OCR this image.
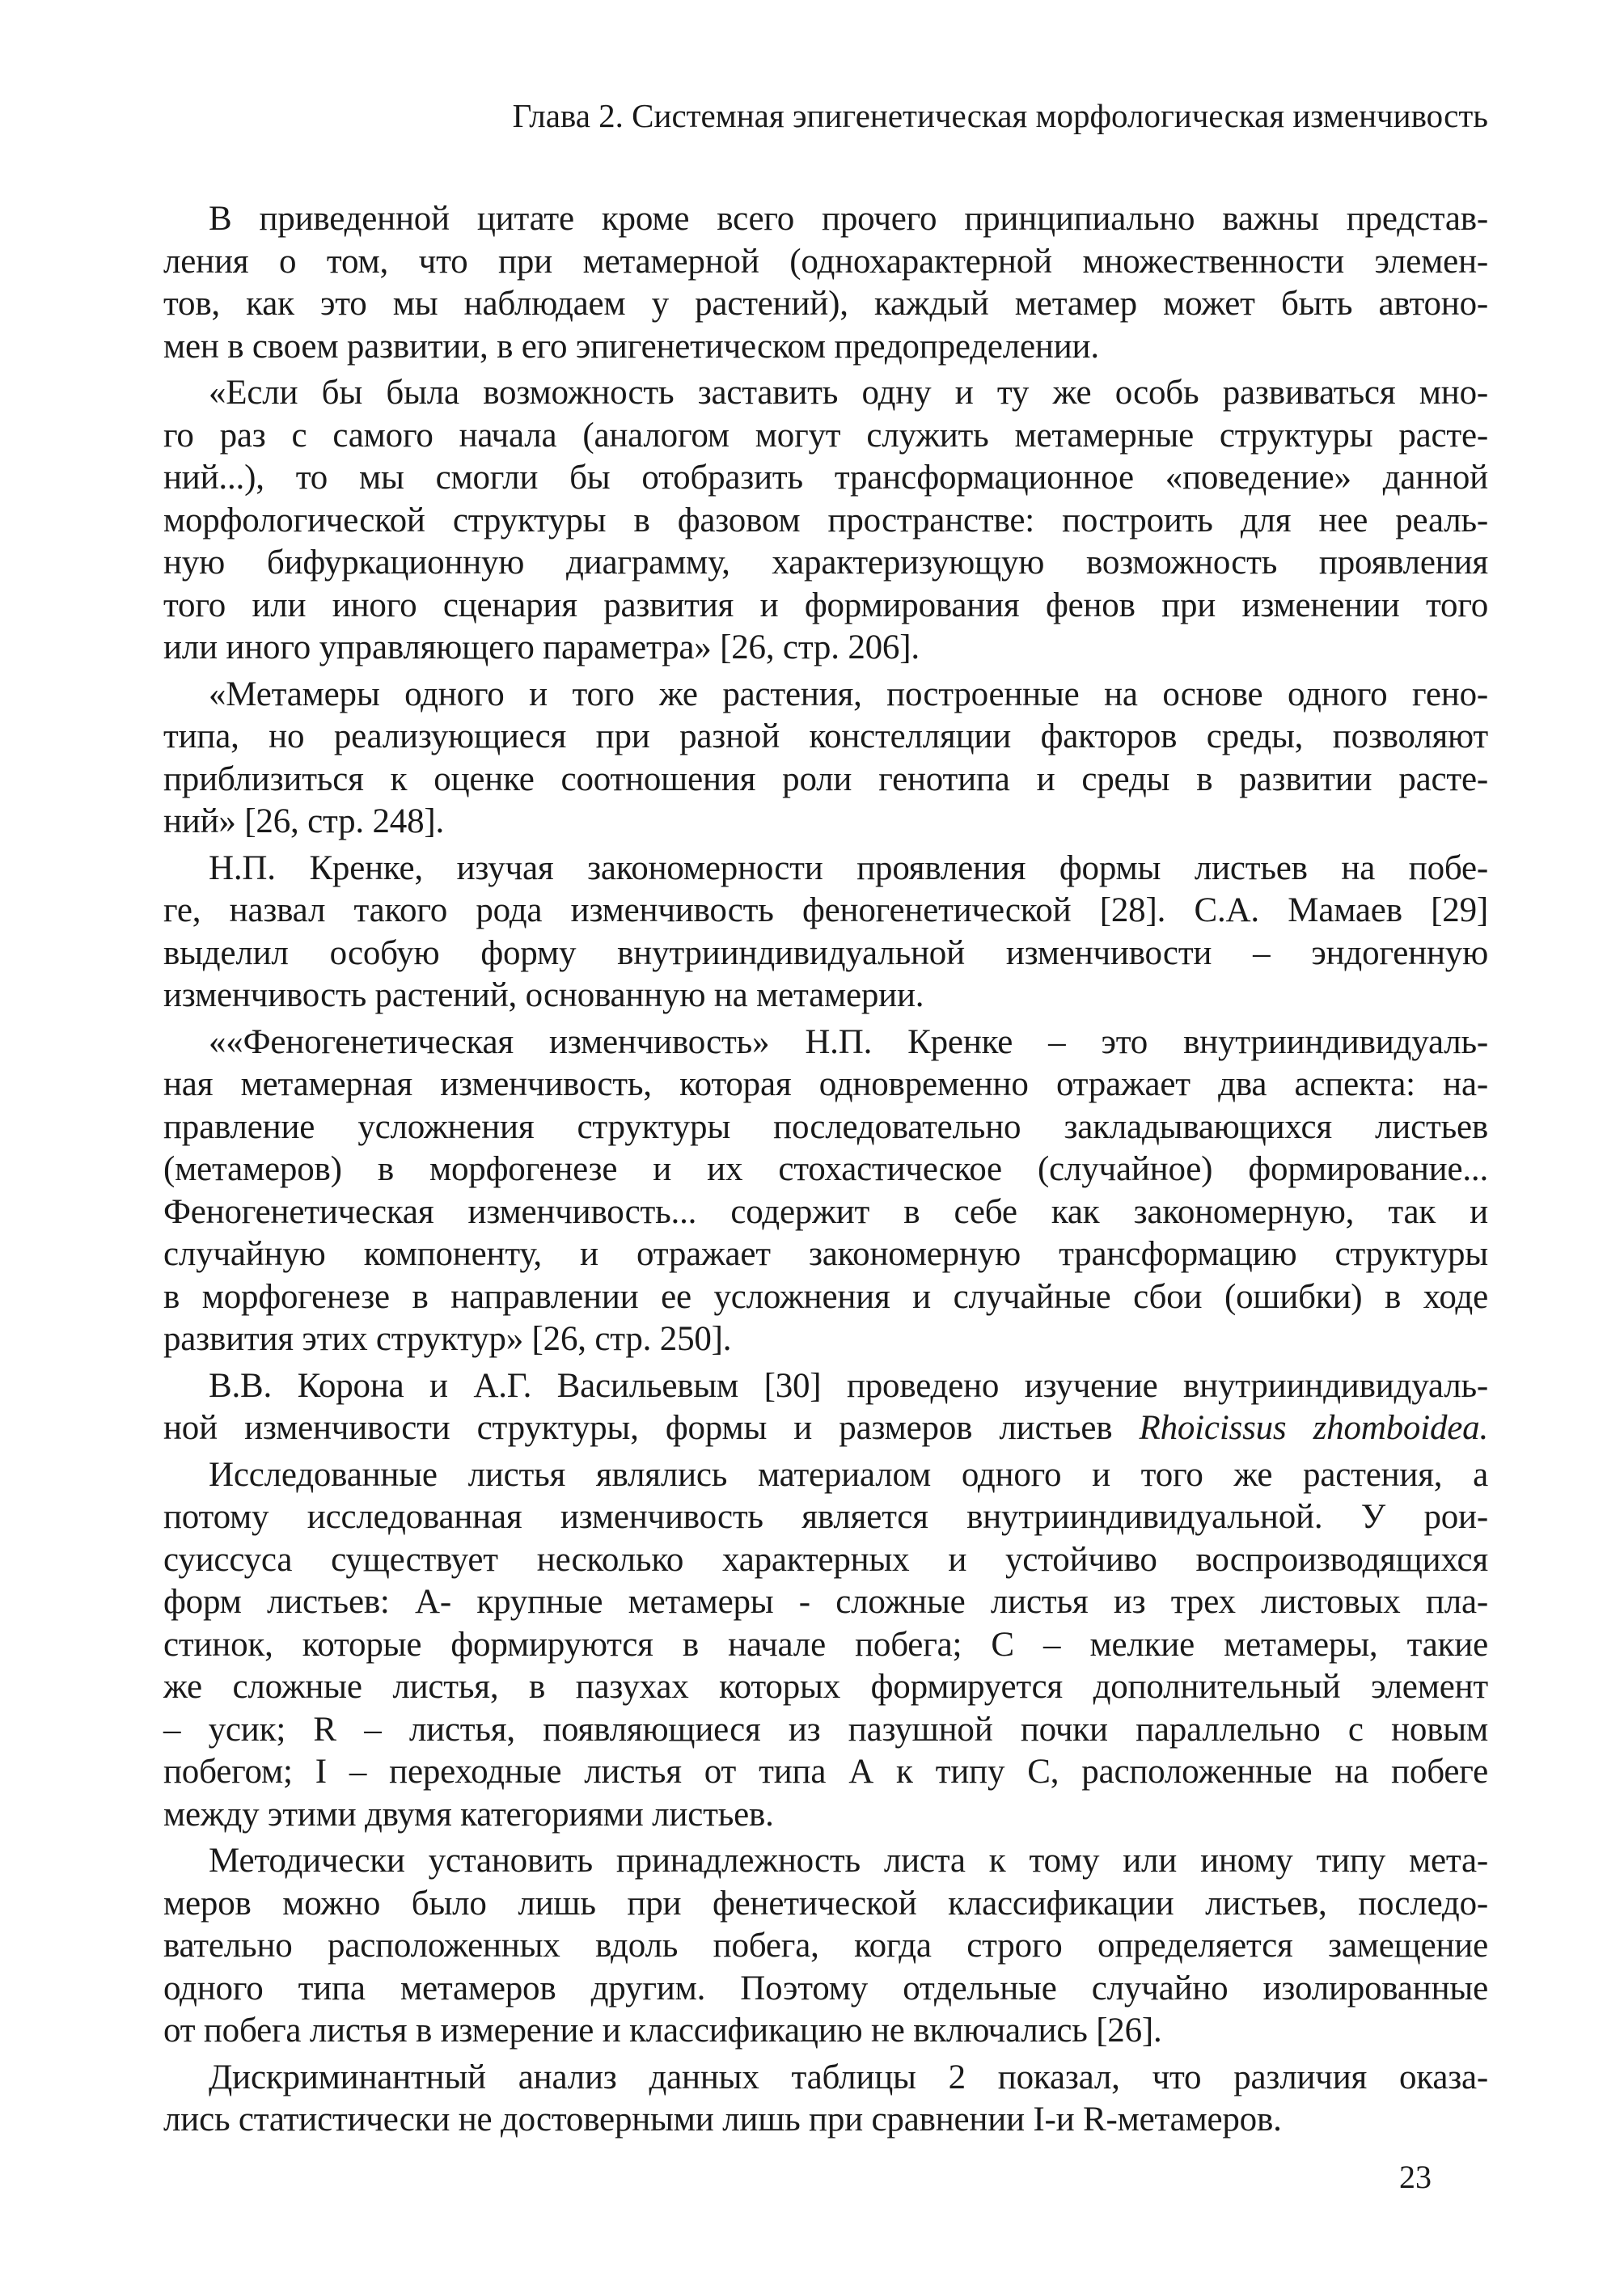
Глава 2. Системная эпигенетическая морфологическая изменчивость

В приведенной цитате кроме всего прочего принципиально важны представ-
ления о том, что при метамерной (однохарактерной множественности элемен-
тов, как это мы наблюдаем у растений), каждый метамер может быть автоно-
мен в своем развитии, в его эпигенетическом предопределении.

«Если бы была возможность заставить одну и ту же особь развиваться мно-
го раз с самого начала (аналогом могут служить метамерные структуры расте-
ний...), то мы смогли бы отобразить трансформационное «поведение» данной
морфологической структуры в фазовом пространстве: построить для нее реаль-
ную бифуркационную диаграмму, характеризующую возможность проявления
того или иного сценария развития и формирования фенов при изменении того
или иного управляющего параметра» [26, стр. 206].

«Метамеры одного и того же растения, построенные на основе одного гено-
типа, но реализующиеся при разной констелляции факторов среды, позволяют
приблизиться к оценке соотношения роли генотипа и среды в развитии расте-
ний» [26, стр. 248].

Н.П. Кренке, изучая закономерности проявления формы листьев на побе-
ге, назвал такого рода изменчивость феногенетической [28]. С.А. Мамаев [29]
выделил особую форму внутрииндивидуальной изменчивости – эндогенную
изменчивость растений, основанную на метамерии.

««Феногенетическая изменчивость» Н.П. Кренке – это внутрииндивидуаль-
ная метамерная изменчивость, которая одновременно отражает два аспекта: на-
правление усложнения структуры последовательно закладывающихся листьев
(метамеров) в морфогенезе и их стохастическое (случайное) формирование...
Феногенетическая изменчивость... содержит в себе как закономерную, так и
случайную компоненту, и отражает закономерную трансформацию структуры
в морфогенезе в направлении ее усложнения и случайные сбои (ошибки) в ходе
развития этих структур» [26, стр. 250].

В.В. Корона и А.Г. Васильевым [30] проведено изучение внутрииндивидуаль-
ной изменчивости структуры, формы и размеров листьев Rhoicissus zhomboidea.

Исследованные листья являлись материалом одного и того же растения, а
потому исследованная изменчивость является внутрииндивидуальной. У рои-
суиссуса существует несколько характерных и устойчиво воспроизводящихся
форм листьев: А- крупные метамеры - сложные листья из трех листовых пла-
стинок, которые формируются в начале побега; С – мелкие метамеры, такие
же сложные листья, в пазухах которых формируется дополнительный элемент
– усик; R – листья, появляющиеся из пазушной почки параллельно с новым
побегом; I – переходные листья от типа А к типу С, расположенные на побеге
между этими двумя категориями листьев.

Методически установить принадлежность листа к тому или иному типу мета-
меров можно было лишь при фенетической классификации листьев, последо-
вательно расположенных вдоль побега, когда строго определяется замещение
одного типа метамеров другим. Поэтому отдельные случайно изолированные
от побега листья в измерение и классификацию не включались [26].

Дискриминантный анализ данных таблицы 2 показал, что различия оказа-
лись статистически не достоверными лишь при сравнении I-и R-метамеров.

23
